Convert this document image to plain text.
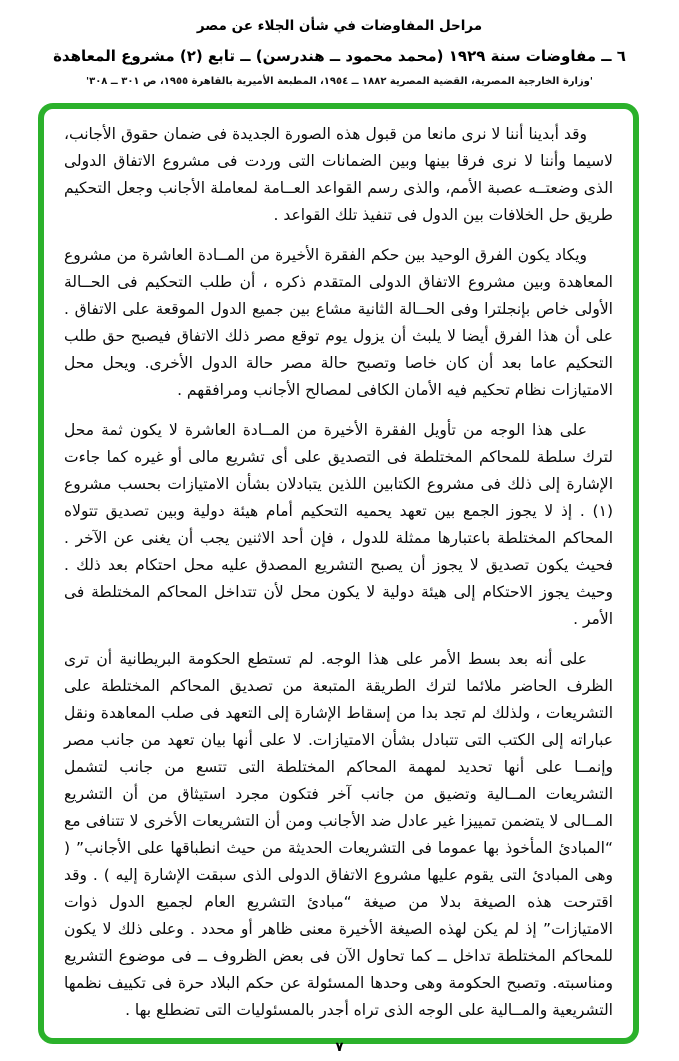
مراحل المفاوضات في شأن الجلاء عن مصر
٦ ــ مفاوضات سنة ١٩٢٩ (محمد محمود ــ هندرسن) ــ تابع (٢) مشروع المعاهدة
'وزارة الخارجية المصرية، القضية المصرية ١٨٨٢ ــ ١٩٥٤، المطبعة الأميرية بالقاهرة ١٩٥٥، ص ٣٠١ ــ ٣٠٨'

وقد أبدينا أننا لا نرى مانعا من قبول هذه الصورة الجديدة فى ضمان حقوق الأجانب، لاسيما وأننا لا نرى فرقا بينها وبين الضمانات التى وردت فى مشروع الاتفاق الدولى الذى وضعتــه عصبة الأمم، والذى رسم القواعد العــامة لمعاملة الأجانب وجعل التحكيم طريق حل الخلافات بين الدول فى تنفيذ تلك القواعد .

ويكاد يكون الفرق الوحيد بين حكم الفقرة الأخيرة من المــادة العاشرة من مشروع المعاهدة وبين مشروع الاتفاق الدولى المتقدم ذكره ، أن طلب التحكيم فى الحــالة الأولى خاص بإنجلترا وفى الحــالة الثانية مشاع بين جميع الدول الموقعة على الاتفاق . على أن هذا الفرق أيضا لا يلبث أن يزول يوم توقع مصر ذلك الاتفاق فيصبح حق طلب التحكيم عاما بعد أن كان خاصا وتصبح حالة مصر حالة الدول الأخرى. ويحل محل الامتيازات نظام تحكيم فيه الأمان الكافى لمصالح الأجانب ومرافقهم .

على هذا الوجه من تأويل الفقرة الأخيرة من المــادة العاشرة لا يكون ثمة محل لترك سلطة للمحاكم المختلطة فى التصديق على أى تشريع مالى أو غيره كما جاءت الإشارة إلى ذلك فى مشروع الكتابين اللذين يتبادلان بشأن الامتيازات بحسب مشروع (١) . إذ لا يجوز الجمع بين تعهد يحميه التحكيم أمام هيئة دولية وبين تصديق تتولاه المحاكم المختلطة باعتبارها ممثلة للدول ، فإن أحد الاثنين يجب أن يغنى عن الآخر . فحيث يكون تصديق لا يجوز أن يصبح التشريع المصدق عليه محل احتكام بعد ذلك . وحيث يجوز الاحتكام إلى هيئة دولية لا يكون محل لأن تتداخل المحاكم المختلطة فى الأمر .

على أنه بعد بسط الأمر على هذا الوجه. لم تستطع الحكومة البريطانية أن ترى الظرف الحاضر ملائما لترك الطريقة المتبعة من تصديق المحاكم المختلطة على التشريعات ، ولذلك لم تجد بدا من إسقاط الإشارة إلى التعهد فى صلب المعاهدة ونقل عباراته إلى الكتب التى تتبادل بشأن الامتيازات. لا على أنها بيان تعهد من جانب مصر وإنمــا على أنها تحديد لمهمة المحاكم المختلطة التى تتسع من جانب لتشمل التشريعات المــالية وتضيق من جانب آخر فتكون مجرد استيثاق من أن التشريع المــالى لا يتضمن تمييزا غير عادل ضد الأجانب ومن أن التشريعات الأخرى لا تتنافى مع “المبادئ المأخوذ بها عموما فى التشريعات الحديثة من حيث انطباقها على الأجانب” ( وهى المبادئ التى يقوم عليها مشروع الاتفاق الدولى الذى سبقت الإشارة إليه ) . وقد اقترحت هذه الصيغة بدلا من صيغة “مبادئ التشريع العام لجميع الدول ذوات الامتيازات” إذ لم يكن لهذه الصيغة الأخيرة معنى ظاهر أو محدد . وعلى ذلك لا يكون للمحاكم المختلطة تداخل ــ كما تحاول الآن فى بعض الظروف ــ فى موضوع التشريع ومناسبته. وتصبح الحكومة وهى وحدها المسئولة عن حكم البلاد حرة فى تكييف نظمها التشريعية والمــالية على الوجه الذى تراه أجدر بالمسئوليات التى تضطلع بها .

٧
